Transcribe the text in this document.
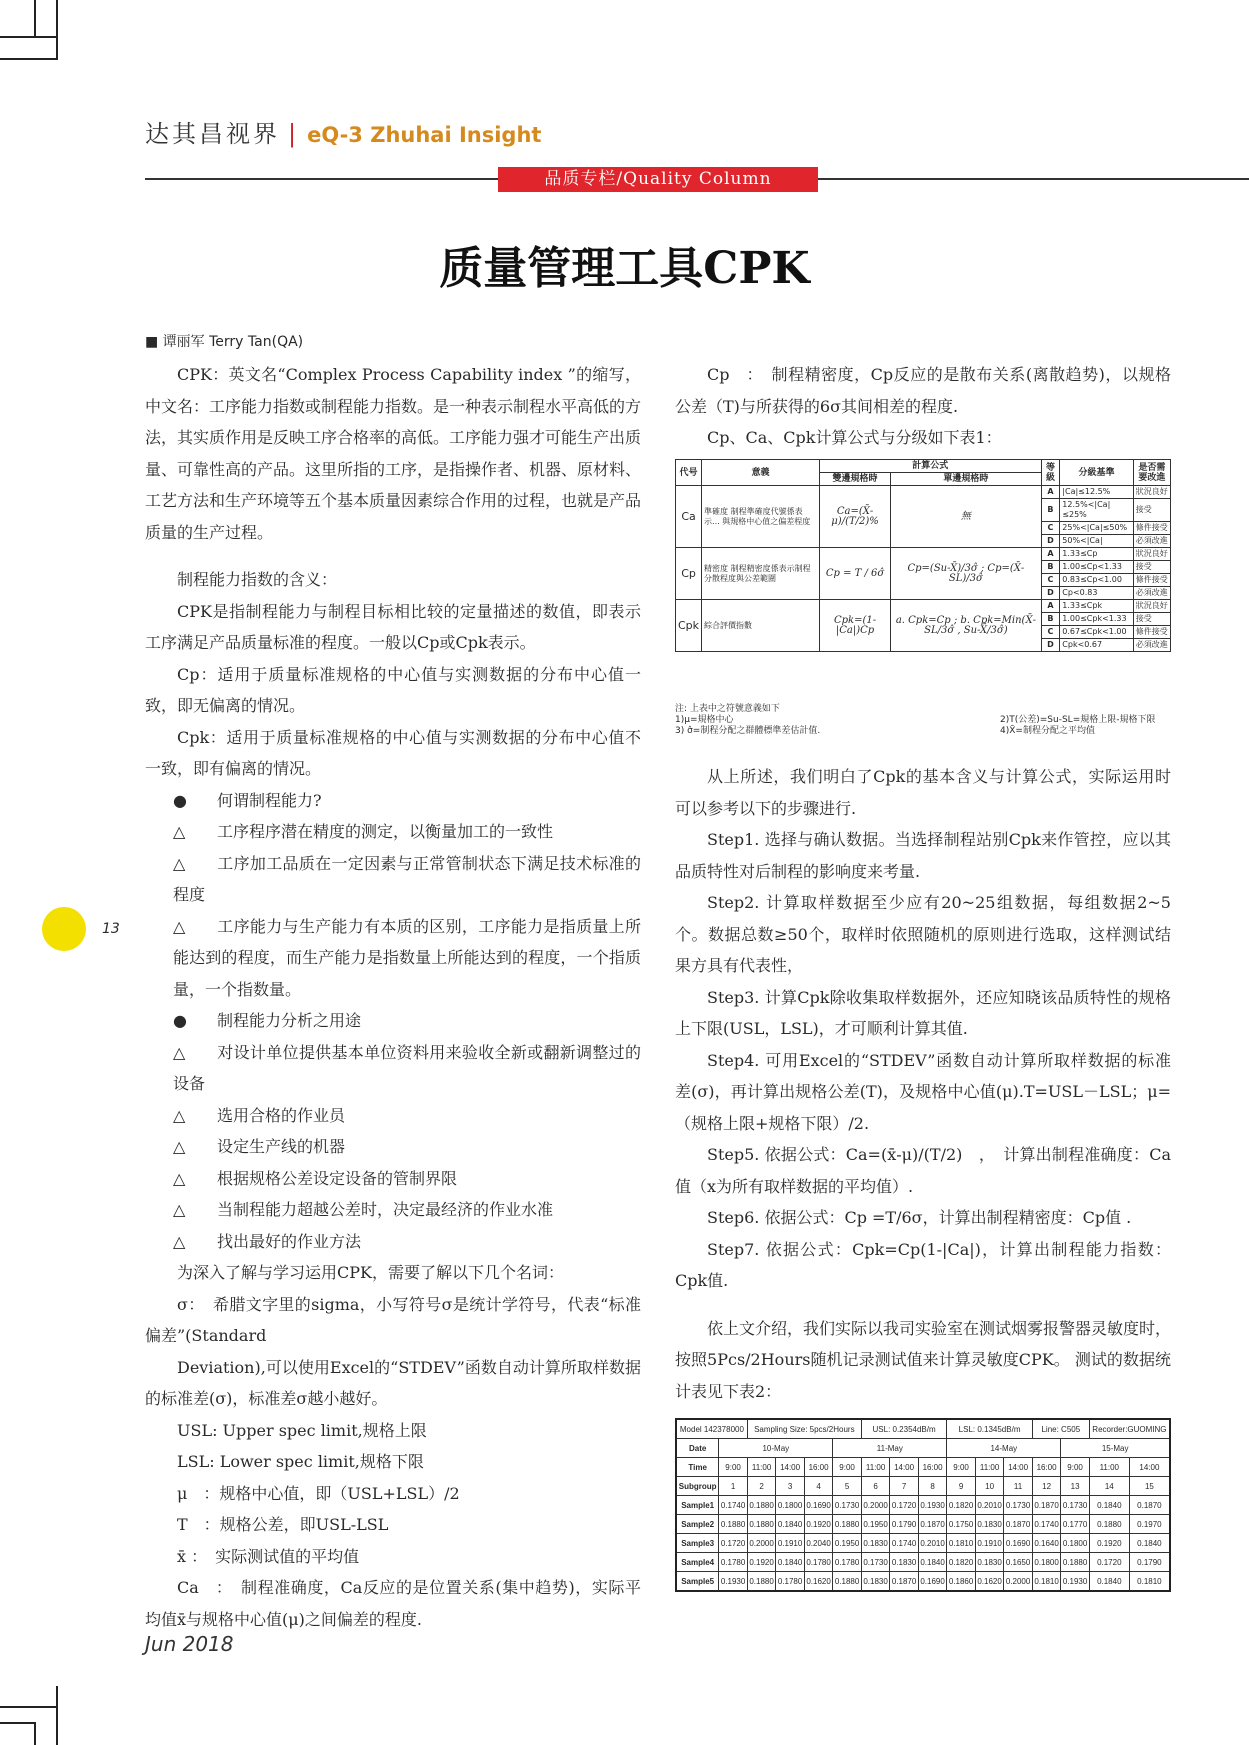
达其昌视界 | eQ-3 Zhuhai Insight
品质专栏/Quality Column
质量管理工具CPK
■ 谭丽军 Terry Tan(QA)

CPK：英文名“Complex Process Capability index ”的缩写，中文名：工序能力指数或制程能力指数。是一种表示制程水平高低的方法，其实质作用是反映工序合格率的高低。工序能力强才可能生产出质量、可靠性高的产品。这里所指的工序，是指操作者、机器、原材料、工艺方法和生产环境等五个基本质量因素综合作用的过程，也就是产品质量的生产过程。

制程能力指数的含义：

CPK是指制程能力与制程目标相比较的定量描述的数值，即表示工序满足产品质量标准的程度。一般以Cp或Cpk表示。

Cp：适用于质量标准规格的中心值与实测数据的分布中心值一致，即无偏离的情况。

Cpk：适用于质量标准规格的中心值与实测数据的分布中心值不一致，即有偏离的情况。

● 何谓制程能力?

△ 工序程序潜在精度的测定，以衡量加工的一致性

△ 工序加工品质在一定因素与正常管制状态下满足技术标准的程度

△ 工序能力与生产能力有本质的区别，工序能力是指质量上所能达到的程度，而生产能力是指数量上所能达到的程度，一个指质量，一个指数量。

● 制程能力分析之用途

△ 对设计单位提供基本单位资料用来验收全新或翻新调整过的设备

△ 选用合格的作业员

△ 设定生产线的机器

△ 根据规格公差设定设备的管制界限

△ 当制程能力超越公差时，决定最经济的作业水准

△ 找出最好的作业方法

为深入了解与学习运用CPK，需要了解以下几个名词：

σ：　希腊文字里的sigma，小写符号σ是统计学符号，代表“标准偏差”(Standard

Deviation),可以使用Excel的“STDEV”函数自动计算所取样数据的标准差(σ)，标准差σ越小越好。

USL: Upper spec limit,规格上限

LSL: Lower spec limit,规格下限

μ　：规格中心值，即（USL+LSL）/2

T　：规格公差，即USL-LSL

x̄ ：　实际测试值的平均值

Ca　：　制程准确度，Ca反应的是位置关系(集中趋势)，实际平均值x̄与规格中心值(μ)之间偏差的程度.

Cp　：　制程精密度，Cp反应的是散布关系(离散趋势)，以规格公差（T)与所获得的6σ其间相差的程度.

Cp、Ca、Cpk计算公式与分级如下表1：

代号	意義	計算公式		等級	分級基準	是否需要改進
		雙邊規格時	單邊規格時			
Ca	準確度 制程準確度代號係表示... 與規格中心值之偏差程度	Ca=(X̄-μ)/(T/2)%	無	A	|Ca|≤12.5%	狀況良好
				B	12.5%<|Ca|≤25%	接受
				C	25%<|Ca|≤50%	條件接受
				D	50%<|Ca|	必須改進
Cp	精密度 制程精密度係表示制程分散程度與公差範圍	Cp = T / 6σ̂	Cp=(Su-X̄)/3σ̂ ; Cp=(X̄-SL)/3σ̂	A	1.33≤Cp	狀況良好
				B	1.00≤Cp<1.33	接受
				C	0.83≤Cp<1.00	條件接受
				D	Cp<0.83	必須改進
Cpk	綜合評價指數	Cpk=(1-|Ca|)Cp	a. Cpk=Cp ; b. Cpk=Min(X̄-SL/3σ̂ , Su-X̄/3σ̂)	A	1.33≤Cpk	狀況良好
				B	1.00≤Cpk<1.33	接受
				C	0.67≤Cpk<1.00	條件接受
				D	Cpk<0.67	必須改進
注: 上表中之符號意義如下
1)μ=規格中心	2)T(公差)=Su-SL=規格上限-規格下限
3) σ̂=制程分配之群體標準差估計值.	4)X̄=制程分配之平均值

从上所述，我们明白了Cpk的基本含义与计算公式，实际运用时可以参考以下的步骤进行.

Step1. 选择与确认数据。当选择制程站别Cpk来作管控，应以其品质特性对后制程的影响度来考量.

Step2. 计算取样数据至少应有20~25组数据，每组数据2~5个。数据总数≥50个，取样时依照随机的原则进行选取，这样测试结果方具有代表性，

Step3. 计算Cpk除收集取样数据外，还应知晓该品质特性的规格上下限(USL，LSL)，才可顺利计算其值.

Step4. 可用Excel的“STDEV”函数自动计算所取样数据的标准差(σ)，再计算出规格公差(T)，及规格中心值(μ).T=USL－LSL；μ=（规格上限+规格下限）/2.

Step5. 依据公式：Ca=(x̄-μ)/(T/2)　，　计算出制程准确度：Ca值（x为所有取样数据的平均值）.

Step6. 依据公式：Cp =T/6σ，计算出制程精密度：Cp值 .

Step7. 依据公式：Cpk=Cp(1-|Ca|)，计算出制程能力指数：Cpk值.

依上文介绍，我们实际以我司实验室在测试烟雾报警器灵敏度时，按照5Pcs/2Hours随机记录测试值来计算灵敏度CPK。 测试的数据统计表见下表2：

Model 142378000		Sampling Size: 5pcs/2Hours				USL: 0.2354dB/m			LSL: 0.1345dB/m			Line: C505		Recorder:GUOMING	
Date	10-May				11-May				14-May				15-May		
Time	9:00	11:00	14:00	16:00	9:00	11:00	14:00	16:00	9:00	11:00	14:00	16:00	9:00	11:00	14:00
Subgroup	1	2	3	4	5	6	7	8	9	10	11	12	13	14	15
Sample1	0.1740	0.1880	0.1800	0.1690	0.1730	0.2000	0.1720	0.1930	0.1820	0.2010	0.1730	0.1870	0.1730	0.1840	0.1870
Sample2	0.1880	0.1880	0.1840	0.1920	0.1880	0.1950	0.1790	0.1870	0.1750	0.1830	0.1870	0.1740	0.1770	0.1880	0.1970
Sample3	0.1720	0.2000	0.1910	0.2040	0.1950	0.1830	0.1740	0.2010	0.1810	0.1910	0.1690	0.1640	0.1800	0.1920	0.1840
Sample4	0.1780	0.1920	0.1840	0.1780	0.1780	0.1730	0.1830	0.1840	0.1820	0.1830	0.1650	0.1800	0.1880	0.1720	0.1790
Sample5	0.1930	0.1880	0.1780	0.1620	0.1880	0.1830	0.1870	0.1690	0.1860	0.1620	0.2000	0.1810	0.1930	0.1840	0.1810
13
Jun 2018
